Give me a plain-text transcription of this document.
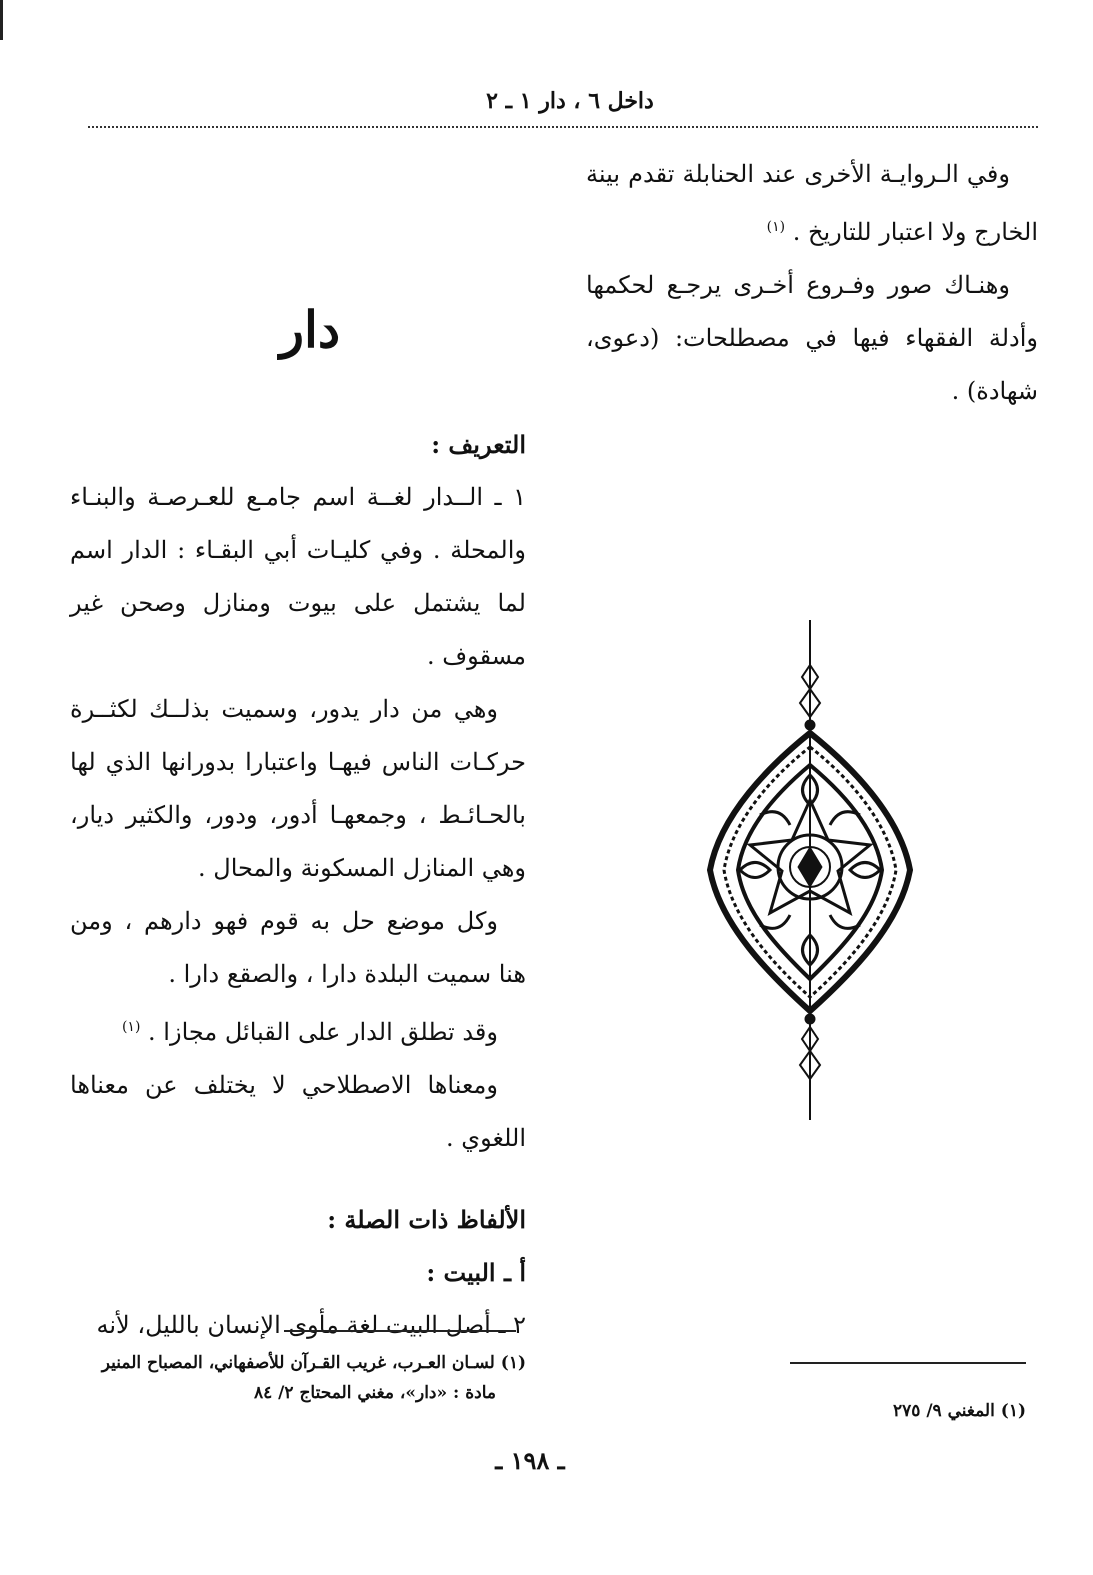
داخل ٦ ، دار ١ ـ ٢

وفي الـروايـة الأخرى عند الحنابلة تقدم بينة الخارج ولا اعتبار للتاريخ . $^{(١)}$

وهنـاك صور وفـروع أخـرى يرجـع لحكمها وأدلة الفقهاء فيها في مصطلحات: (دعوى، شهادة) .

دار

التعريف :

١ ـ الــدار لغــة اسم جامـع للعـرصـة والبنـاء والمحلة . وفي كليـات أبي البقـاء : الدار اسم لما يشتمل على بيوت ومنازل وصحن غير مسقوف .

وهي من دار يدور، وسميت بذلــك لكثــرة حركـات الناس فيهـا واعتبارا بدورانها الذي لها بالحـائـط ، وجمعهـا أدور، ودور، والكثير ديار، وهي المنازل المسكونة والمحال .

وكل موضع حل به قوم فهو دارهم ، ومن هنا سميت البلدة دارا ، والصقع دارا .

وقد تطلق الدار على القبائل مجازا . $^{(١)}$

ومعناها الاصطلاحي لا يختلف عن معناها اللغوي .

الألفاظ ذات الصلة :

أ ـ البيت :

٢ ـ أصل البيت لغة مأوى الإنسان بالليل، لأنه

(١) لسـان العـرب، غريب القـرآن للأصفهاني، المصباح المنير
مادة : «دار»، مغني المحتاج ٢/ ٨٤
(١) المغني ٩/ ٢٧٥
ـ ١٩٨ ـ
